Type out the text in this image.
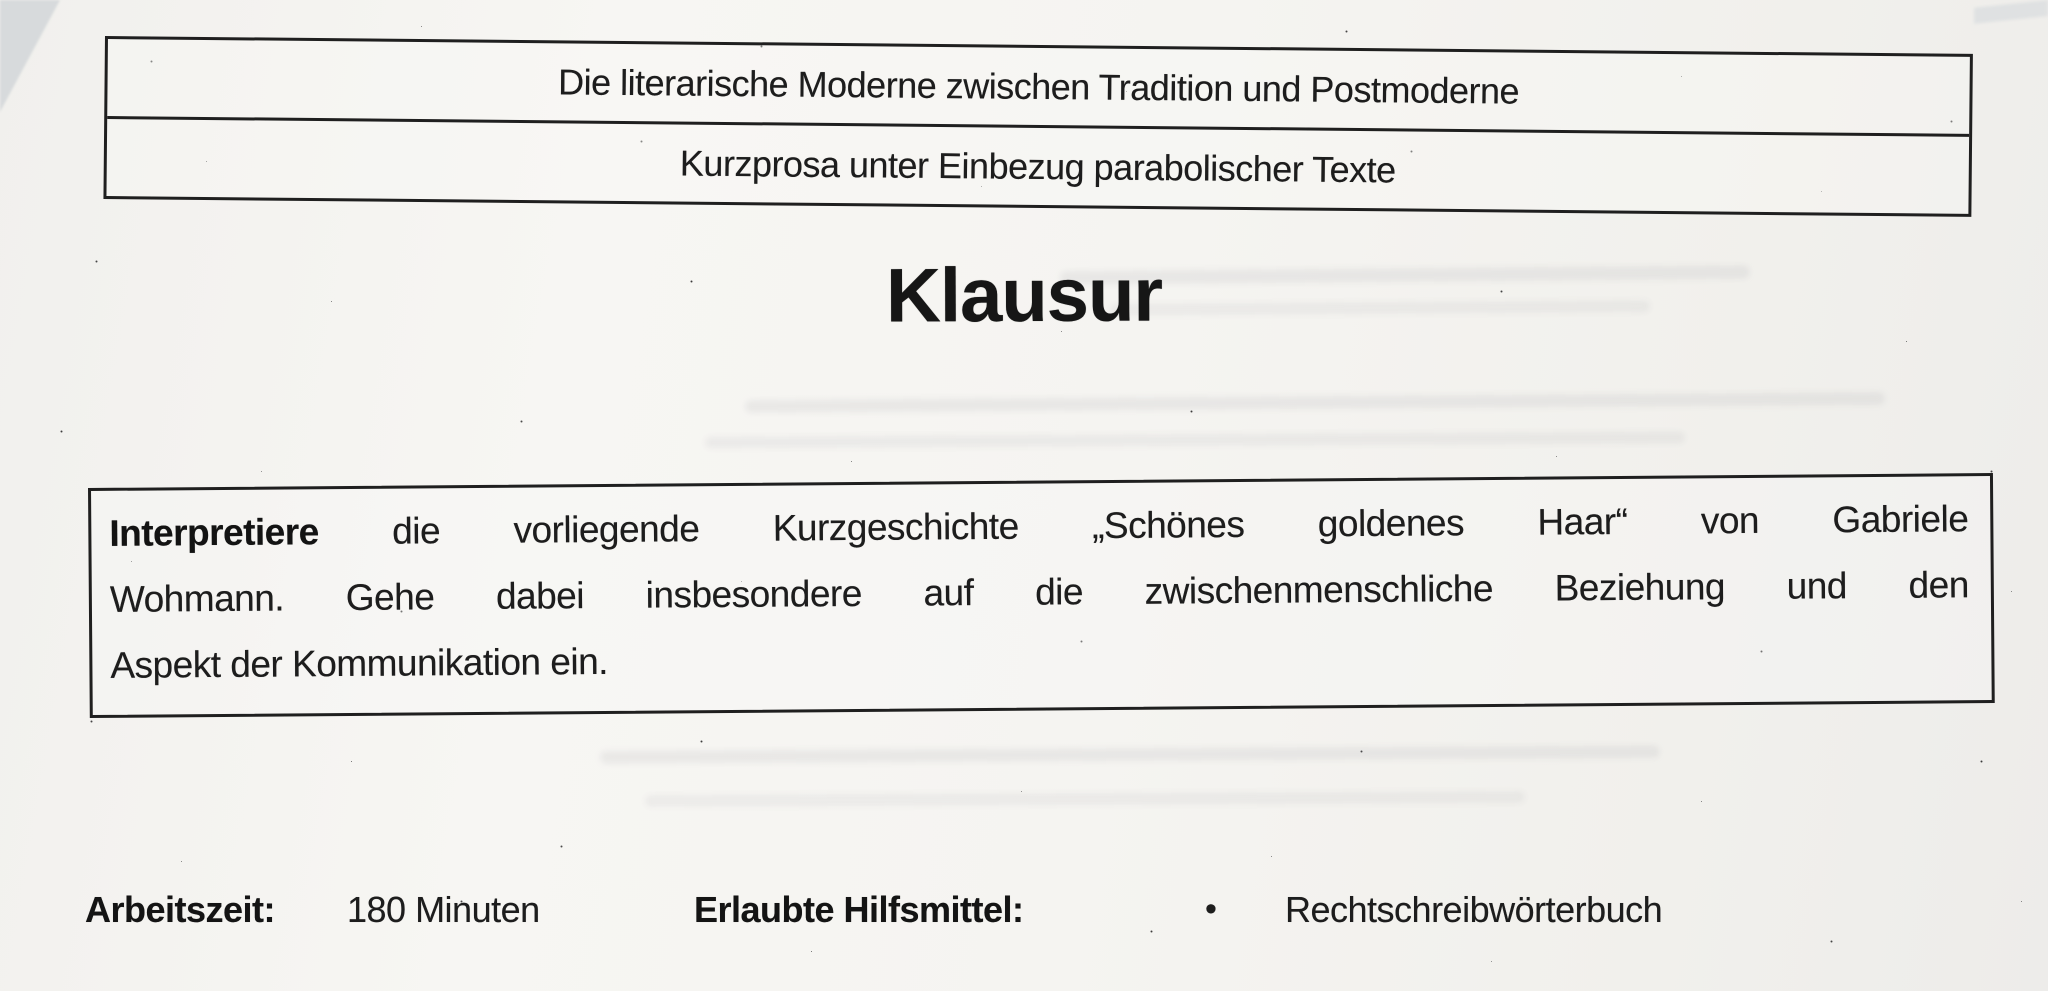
Die literarische Moderne zwischen Tradition und Postmoderne
Kurzprosa unter Einbezug parabolischer Texte
Klausur
Interpretiere die vorliegende Kurzgeschichte „Schönes goldenes Haar“ von Gabriele
Wohmann. Gehe dabei insbesondere auf die zwischenmenschliche Beziehung und den
Aspekt der Kommunikation ein.
Arbeitszeit: 180 Minuten	Erlaubte Hilfsmittel:	• Rechtschreibwörterbuch
